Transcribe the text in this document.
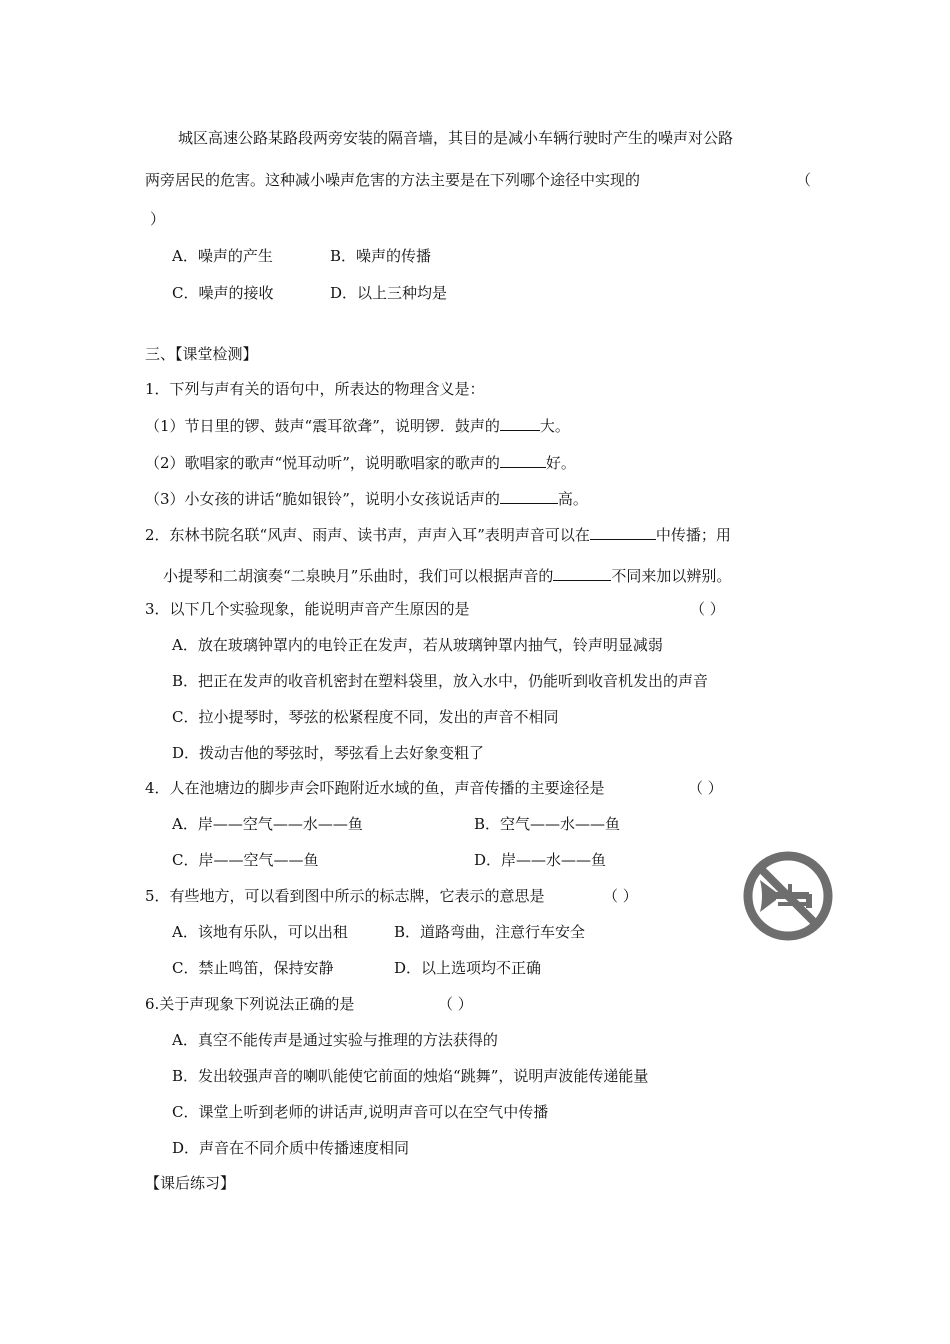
城区高速公路某路段两旁安装的隔音墙，其目的是减小车辆行驶时产生的噪声对公路
两旁居民的危害。这种减小噪声危害的方法主要是在下列哪个途径中实现的	（
）
A．噪声的产生	B．噪声的传播
C．噪声的接收	D．以上三种均是
三、【课堂检测】
1．下列与声有关的语句中，所表达的物理含义是：
（1）节日里的锣、鼓声“震耳欲聋”，说明锣．鼓声的	大。
（2）歌唱家的歌声“悦耳动听”，说明歌唱家的歌声的	好。
（3）小女孩的讲话“脆如银铃”，说明小女孩说话声的	高。
2．东林书院名联“风声、雨声、读书声，声声入耳”表明声音可以在	中传播；用
小提琴和二胡演奏“二泉映月”乐曲时，我们可以根据声音的	不同来加以辨别。
3．以下几个实验现象，能说明声音产生原因的是	（ ）
A．放在玻璃钟罩内的电铃正在发声，若从玻璃钟罩内抽气，铃声明显减弱
B．把正在发声的收音机密封在塑料袋里，放入水中，仍能听到收音机发出的声音
C．拉小提琴时，琴弦的松紧程度不同，发出的声音不相同
D．拨动吉他的琴弦时，琴弦看上去好象变粗了
4．人在池塘边的脚步声会吓跑附近水域的鱼，声音传播的主要途径是	（ ）
A．岸——空气——水——鱼	B．空气——水——鱼
C．岸——空气——鱼	D．岸——水——鱼
5．有些地方，可以看到图中所示的标志牌，它表示的意思是	（ ）
A．该地有乐队，可以出租	B．道路弯曲，注意行车安全
C．禁止鸣笛，保持安静	D．以上选项均不正确
6.关于声现象下列说法正确的是	（ ）
A．真空不能传声是通过实验与推理的方法获得的
B．发出较强声音的喇叭能使它前面的烛焰“跳舞”，说明声波能传递能量
C．课堂上听到老师的讲话声,说明声音可以在空气中传播
D．声音在不同介质中传播速度相同
【课后练习】
